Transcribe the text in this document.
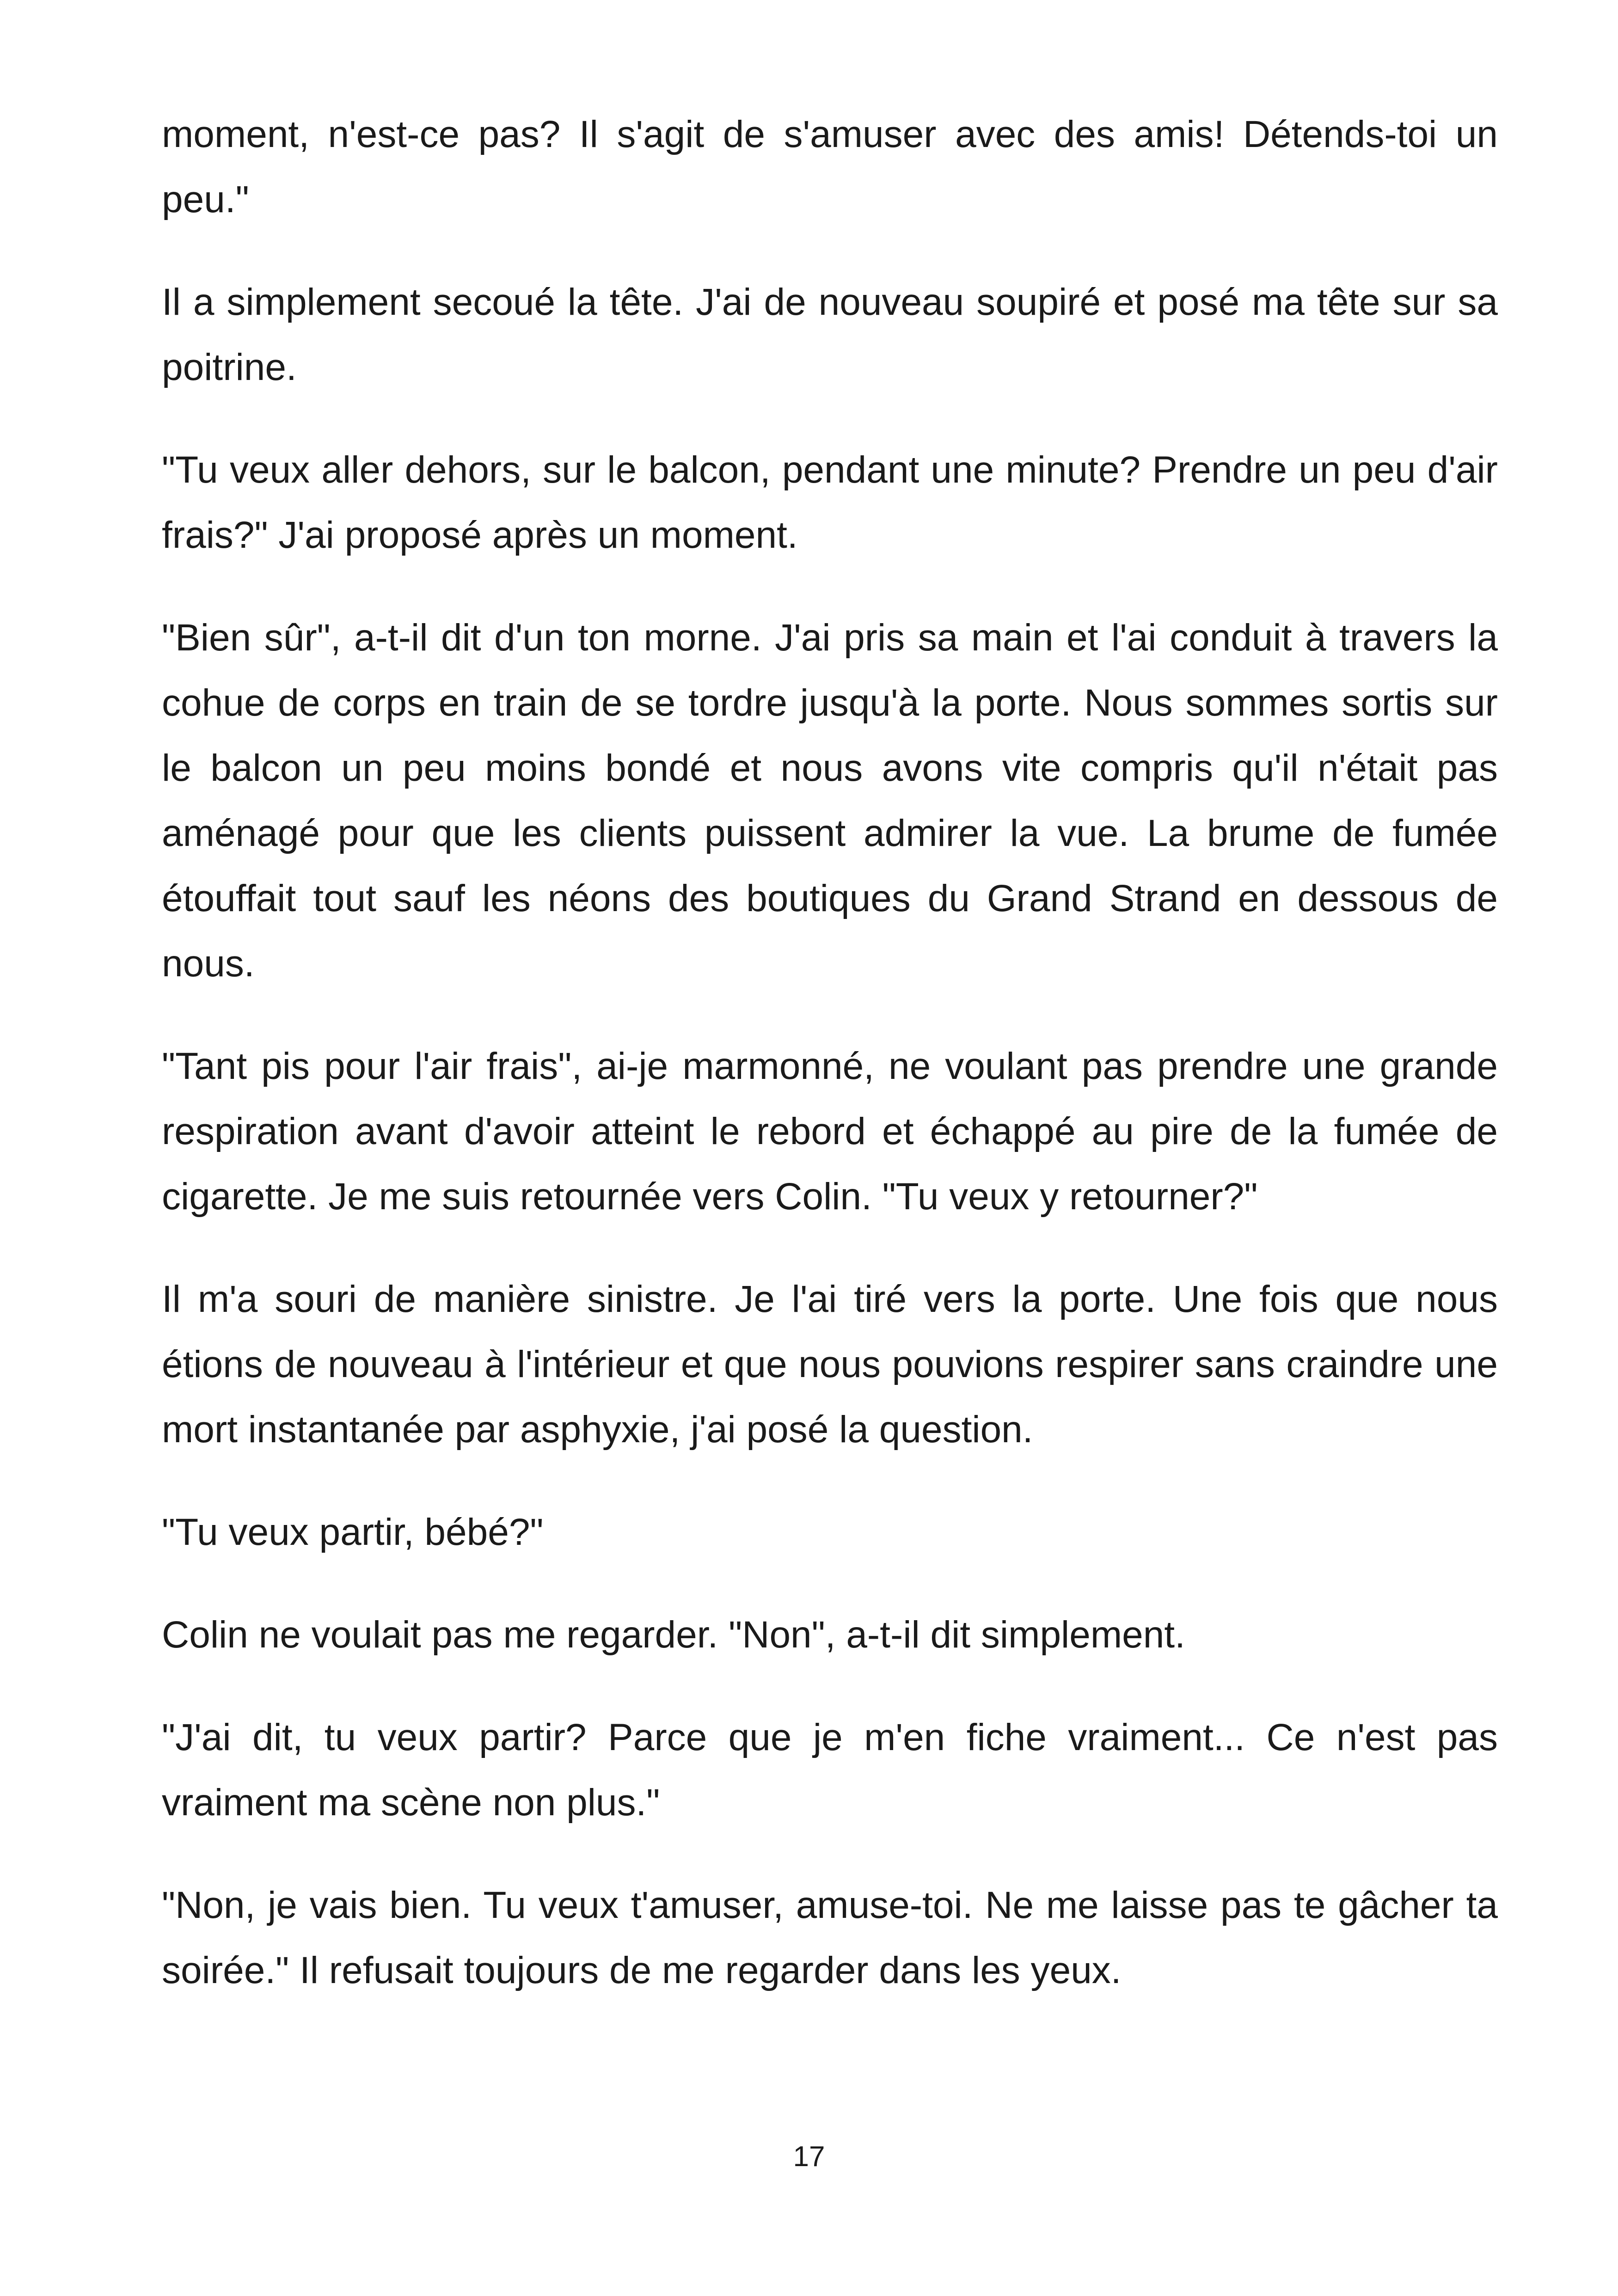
moment, n'est-ce pas? Il s'agit de s'amuser avec des amis! Détends-toi un peu."

Il a simplement secoué la tête. J'ai de nouveau soupiré et posé ma tête sur sa poitrine.

"Tu veux aller dehors, sur le balcon, pendant une minute? Prendre un peu d'air frais?" J'ai proposé après un moment.

"Bien sûr", a-t-il dit d'un ton morne. J'ai pris sa main et l'ai conduit à travers la cohue de corps en train de se tordre jusqu'à la porte. Nous sommes sortis sur le balcon un peu moins bondé et nous avons vite compris qu'il n'était pas aménagé pour que les clients puissent admirer la vue. La brume de fumée étouffait tout sauf les néons des boutiques du Grand Strand en dessous de nous.

"Tant pis pour l'air frais", ai-je marmonné, ne voulant pas prendre une grande respiration avant d'avoir atteint le rebord et échappé au pire de la fumée de cigarette. Je me suis retournée vers Colin. "Tu veux y retourner?"

Il m'a souri de manière sinistre. Je l'ai tiré vers la porte. Une fois que nous étions de nouveau à l'intérieur et que nous pouvions respirer sans craindre une mort instantanée par asphyxie, j'ai posé la question.

"Tu veux partir, bébé?"

Colin ne voulait pas me regarder. "Non", a-t-il dit simplement.

"J'ai dit, tu veux partir? Parce que je m'en fiche vraiment... Ce n'est pas vraiment ma scène non plus."

"Non, je vais bien. Tu veux t'amuser, amuse-toi. Ne me laisse pas te gâcher ta soirée." Il refusait toujours de me regarder dans les yeux.

17
